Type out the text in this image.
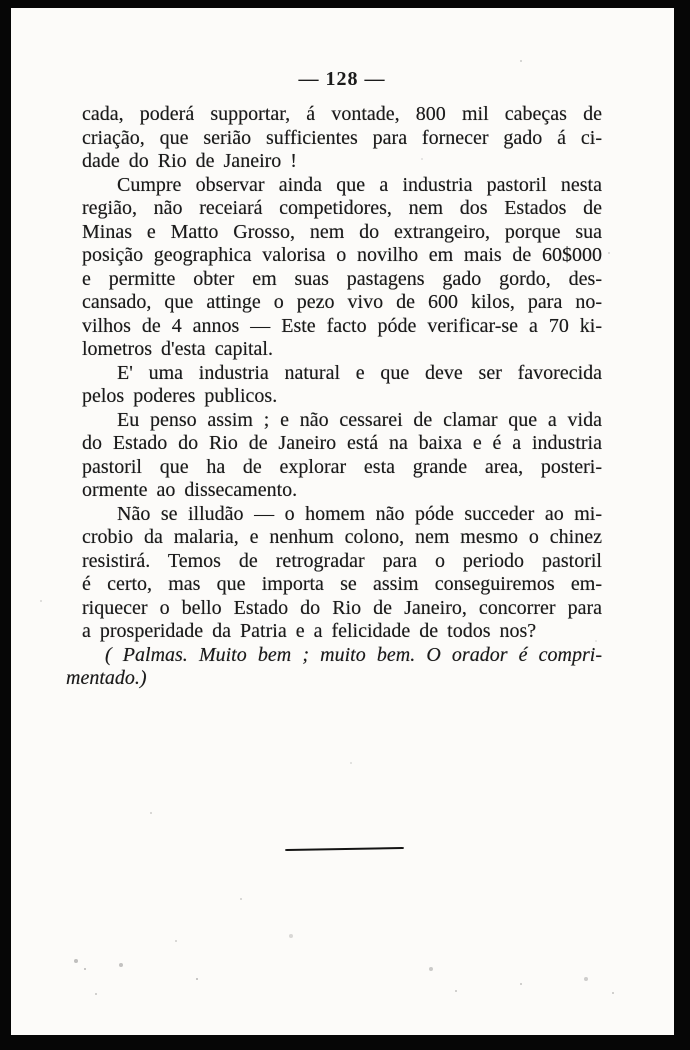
— 128 —
cada, poderá supportar, á vontade, 800 mil cabeças de
criação, que serião sufficientes para fornecer gado á ci-
dade do Rio de Janeiro !
Cumpre observar ainda que a industria pastoril nesta
região, não receiará competidores, nem dos Estados de
Minas e Matto Grosso, nem do extrangeiro, porque sua
posição geographica valorisa o novilho em mais de 60$000
e permitte obter em suas pastagens gado gordo, des-
cansado, que attinge o pezo vivo de 600 kilos, para no-
vilhos de 4 annos — Este facto póde verificar-se a 70 ki-
lometros d'esta capital.
E' uma industria natural e que deve ser favorecida
pelos poderes publicos.
Eu penso assim ; e não cessarei de clamar que a vida
do Estado do Rio de Janeiro está na baixa e é a industria
pastoril que ha de explorar esta grande area, posteri-
ormente ao dissecamento.
Não se illudão — o homem não póde succeder ao mi-
crobio da malaria, e nenhum colono, nem mesmo o chinez
resistirá. Temos de retrogradar para o periodo pastoril
é certo, mas que importa se assim conseguiremos em-
riquecer o bello Estado do Rio de Janeiro, concorrer para
a prosperidade da Patria e a felicidade de todos nos?
( Palmas. Muito bem ; muito bem. O orador é compri-
mentado.)
